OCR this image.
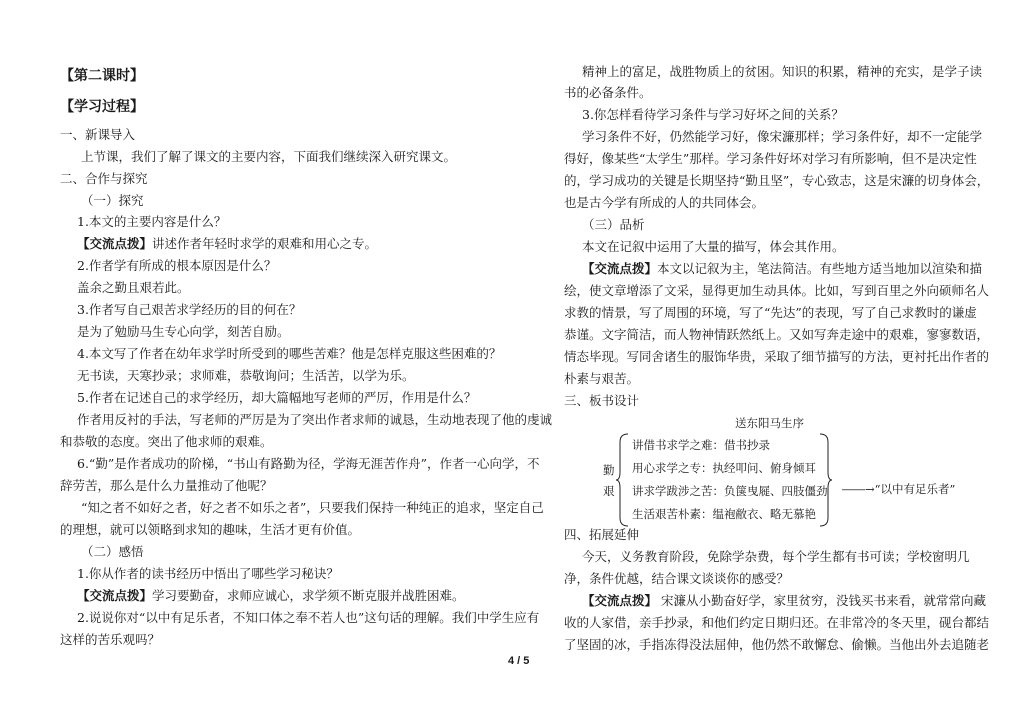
【第二课时】
【学习过程】
一、新课导入
上节课，我们了解了课文的主要内容，下面我们继续深入研究课文。
二、合作与探究
（一）探究
1.本文的主要内容是什么？
【交流点拨】讲述作者年轻时求学的艰难和用心之专。
2.作者学有所成的根本原因是什么？
盖余之勤且艰若此。
3.作者写自己艰苦求学经历的目的何在？
是为了勉励马生专心向学，刻苦自励。
4.本文写了作者在幼年求学时所受到的哪些苦难？他是怎样克服这些困难的？
无书读，天寒抄录；求师难，恭敬询问；生活苦，以学为乐。
5.作者在记述自己的求学经历，却大篇幅地写老师的严厉，作用是什么？
作者用反衬的手法，写老师的严厉是为了突出作者求师的诚恳，生动地表现了他的虔诚
和恭敬的态度。突出了他求师的艰难。
6.“勤”是作者成功的阶梯，“书山有路勤为径，学海无涯苦作舟”，作者一心向学，不
辞劳苦，那么是什么力量推动了他呢？
“知之者不如好之者，好之者不如乐之者”，只要我们保持一种纯正的追求，坚定自己
的理想，就可以领略到求知的趣味，生活才更有价值。
（二）感悟
1.你从作者的读书经历中悟出了哪些学习秘诀？
【交流点拨】学习要勤奋，求师应诚心，求学须不断克服并战胜困难。
2.说说你对“以中有足乐者，不知口体之奉不若人也”这句话的理解。我们中学生应有
这样的苦乐观吗？
精神上的富足，战胜物质上的贫困。知识的积累，精神的充实，是学子读
书的必备条件。
3.你怎样看待学习条件与学习好坏之间的关系？
学习条件不好，仍然能学习好，像宋濂那样；学习条件好，却不一定能学
得好，像某些“太学生”那样。学习条件好坏对学习有所影响，但不是决定性
的，学习成功的关键是长期坚持“勤且坚”，专心致志，这是宋濂的切身体会，
也是古今学有所成的人的共同体会。
（三）品析
本文在记叙中运用了大量的描写，体会其作用。
【交流点拨】本文以记叙为主，笔法简洁。有些地方适当地加以渲染和描
绘，使文章增添了文采，显得更加生动具体。比如，写到百里之外向硕师名人
求教的情景，写了周围的环境，写了“先达”的表现，写了自己求教时的谦虚
恭谨。文字简洁，而人物神情跃然纸上。又如写奔走途中的艰难，寥寥数语，
情态毕现。写同舍诸生的服饰华贵，采取了细节描写的方法，更衬托出作者的
朴素与艰苦。
三、板书设计
送东阳马生序
勤
艰
讲借书求学之难：借书抄录
用心求学之专：执经叩问、俯身倾耳
讲求学跋涉之苦：负箧曳屣、四肢僵劲
生活艰苦朴素：缊袍敝衣、略无慕艳
――→“以中有足乐者”
四、拓展延伸
今天，义务教育阶段，免除学杂费，每个学生都有书可读；学校窗明几
净，条件优越，结合课文谈谈你的感受？
【交流点拨】 宋濂从小勤奋好学，家里贫穷，没钱买书来看，就常常向藏
收的人家借，亲手抄录，和他们约定日期归还。在非常冷的冬天里，砚台都结
了坚固的冰，手指冻得没法屈伸，他仍然不敢懈怠、偷懒。当他出外去追随老
4 / 5
